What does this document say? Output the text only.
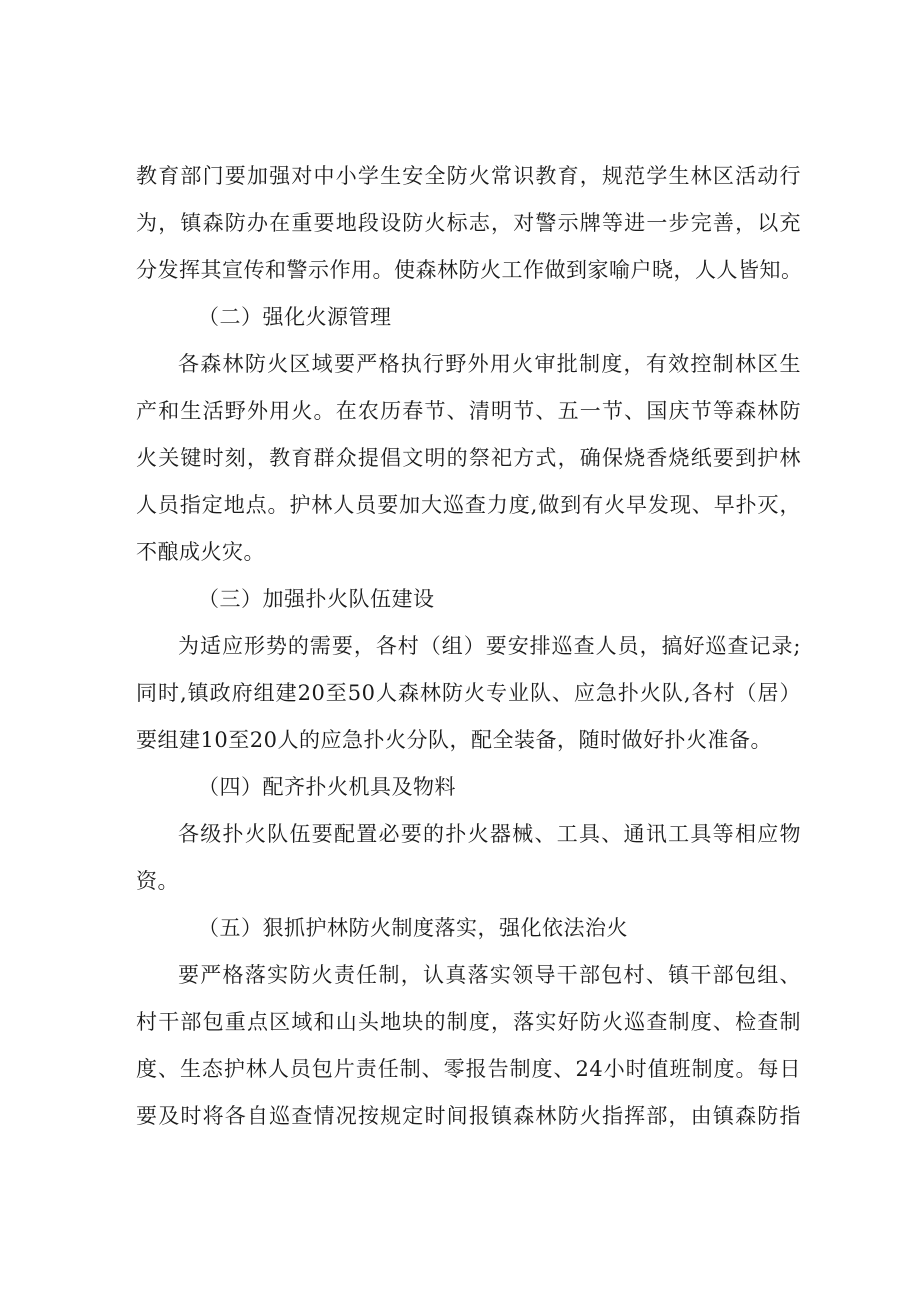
教育部门要加强对中小学生安全防火常识教育，规范学生林区活动行
为，镇森防办在重要地段设防火标志，对警示牌等进一步完善，以充
分发挥其宣传和警示作用。使森林防火工作做到家喻户晓，人人皆知。
（二）强化火源管理
各森林防火区域要严格执行野外用火审批制度，有效控制林区生
产和生活野外用火。在农历春节、清明节、五一节、国庆节等森林防
火关键时刻，教育群众提倡文明的祭祀方式，确保烧香烧纸要到护林
人员指定地点。护林人员要加大巡查力度,做到有火早发现、早扑灭，
不酿成火灾。
（三）加强扑火队伍建设
为适应形势的需要，各村（组）要安排巡查人员，搞好巡查记录;
同时,镇政府组建20至50人森林防火专业队、应急扑火队,各村（居）
要组建10至20人的应急扑火分队，配全装备，随时做好扑火准备。
（四）配齐扑火机具及物料
各级扑火队伍要配置必要的扑火器械、工具、通讯工具等相应物
资。
（五）狠抓护林防火制度落实，强化依法治火
要严格落实防火责任制，认真落实领导干部包村、镇干部包组、
村干部包重点区域和山头地块的制度，落实好防火巡查制度、检查制
度、生态护林人员包片责任制、零报告制度、24小时值班制度。每日
要及时将各自巡查情况按规定时间报镇森林防火指挥部，由镇森防指
